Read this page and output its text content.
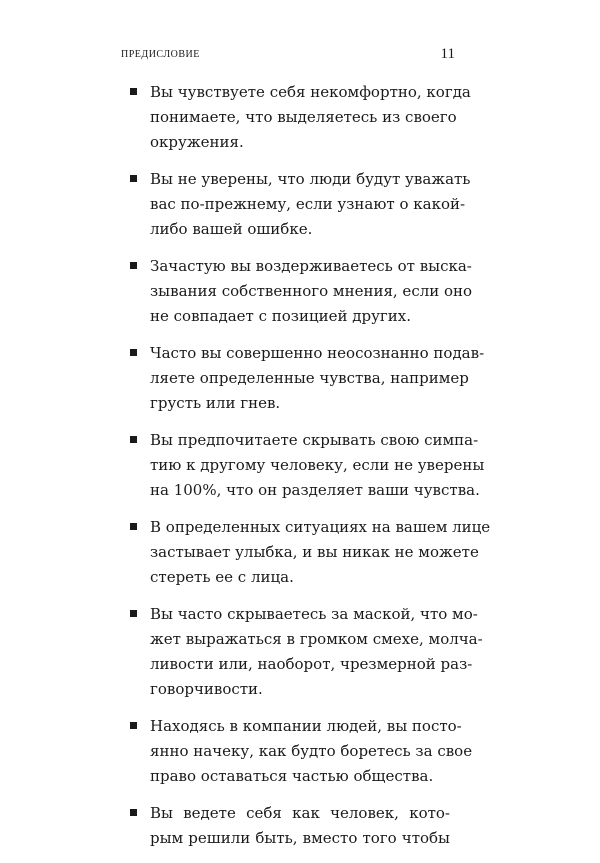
ПРЕДИСЛОВИЕ	11
Вы чувствуете себя некомфортно, когда
понимаете, что выделяетесь из своего
окружения.
Вы не уверены, что люди будут уважать
вас по-прежнему, если узнают о какой-
либо вашей ошибке.
Зачастую вы воздерживаетесь от выска-
зывания собственного мнения, если оно
не совпадает с позицией других.
Часто вы совершенно неосознанно подав-
ляете определенные чувства, например
грусть или гнев.
Вы предпочитаете скрывать свою симпа-
тию к другому человеку, если не уверены
на 100%, что он разделяет ваши чувства.
В определенных ситуациях на вашем лице
застывает улыбка, и вы никак не можете
стереть ее с лица.
Вы часто скрываетесь за маской, что мо-
жет выражаться в громком смехе, молча-
ливости или, наоборот, чрезмерной раз-
говорчивости.
Находясь в компании людей, вы посто-
янно начеку, как будто боретесь за свое
право оставаться частью общества.
Вы ведете себя как человек, кото-
рым решили быть, вместо того чтобы
